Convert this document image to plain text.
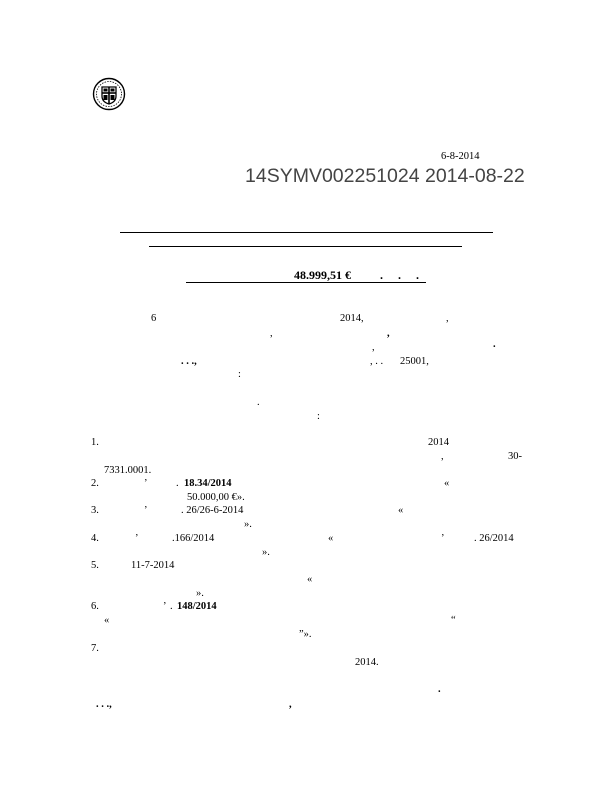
6-8-2014
14SYMV002251024 2014-08-22
48.999,51 € . . .
6	2014,	,
,	,
,	.
. . .,	, . . 25001,
:
.
:
1.	2014
,	30-
7331.0001.
2.	’	. 18.34/2014	«
50.000,00 €».
3.	’	. 26/26-6-2014	«
».
4.	’	.166/2014	«	’	. 26/2014
».
5.	11-7-2014
«
».
6.	’ . 148/2014
«	“
”».
7.
2014.
.
. . .,	,
